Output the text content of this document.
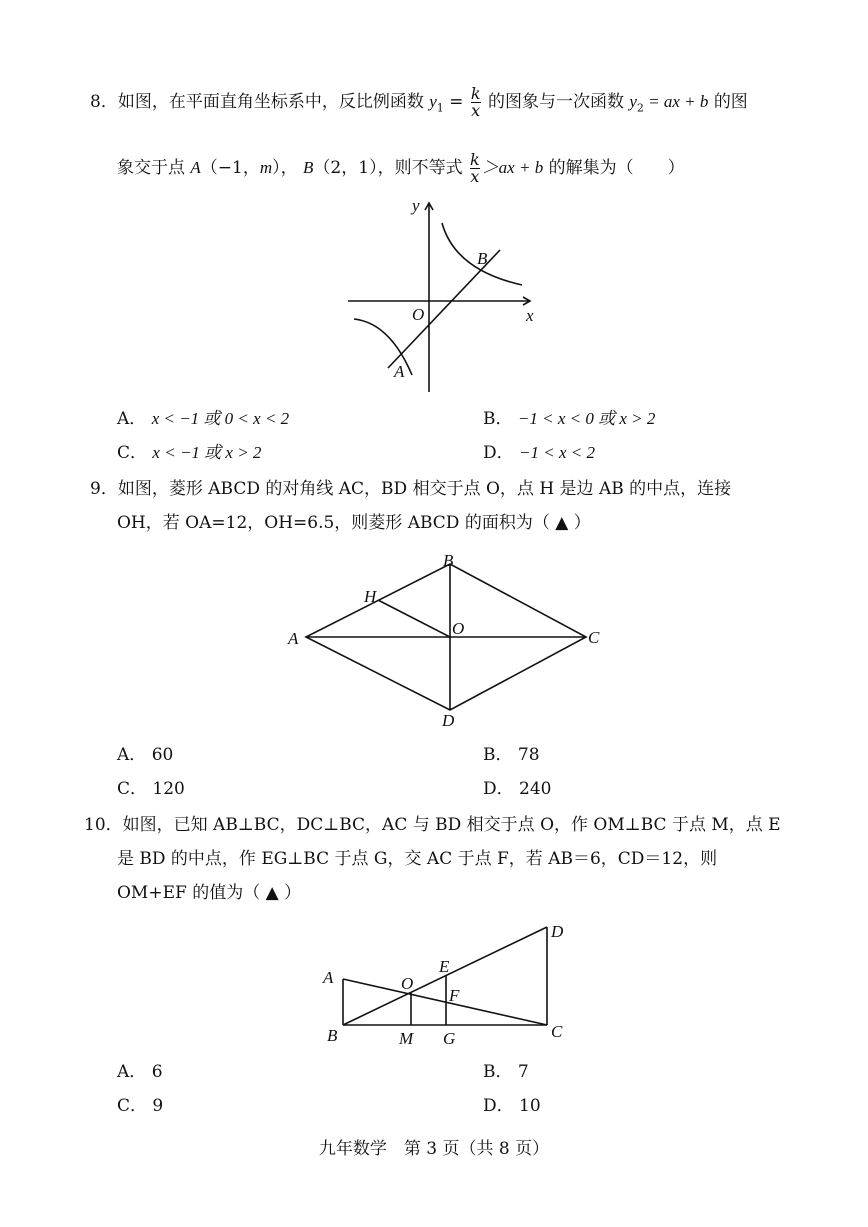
8．如图，在平面直角坐标系中，反比例函数 $y_1 = \frac{k}{x}$ 的图象与一次函数 $y_2$ = ax + b 的图
象交于点 A（−1，m）， B（2，1），则不等式 $\frac{k}{x} >ax + b$ 的解集为（　　）
y
x
O
A
B
A． x < −1 或 0 < x < 2	B． −1 < x < 0 或 x > 2
C． x < −1 或 x > 2	D． −1 < x < 2
9．如图，菱形 ABCD 的对角线 AC，BD 相交于点 O，点 H 是边 AB 的中点，连接
OH，若 OA=12，OH=6.5，则菱形 ABCD 的面积为（ ▲ ）
A
B
C
D
H
O
A． 60	B． 78
C． 120	D． 240
10．如图，已知 AB⊥BC，DC⊥BC，AC 与 BD 相交于点 O，作 OM⊥BC 于点 M，点 E
是 BD 的中点，作 EG⊥BC 于点 G，交 AC 于点 F，若 AB＝6，CD＝12，则
OM+EF 的值为（ ▲ ）
A
B	C
D
E
F
G
M
O
A． 6	B． 7
C． 9	D． 10
九年数学　第 3 页（共 8 页）
